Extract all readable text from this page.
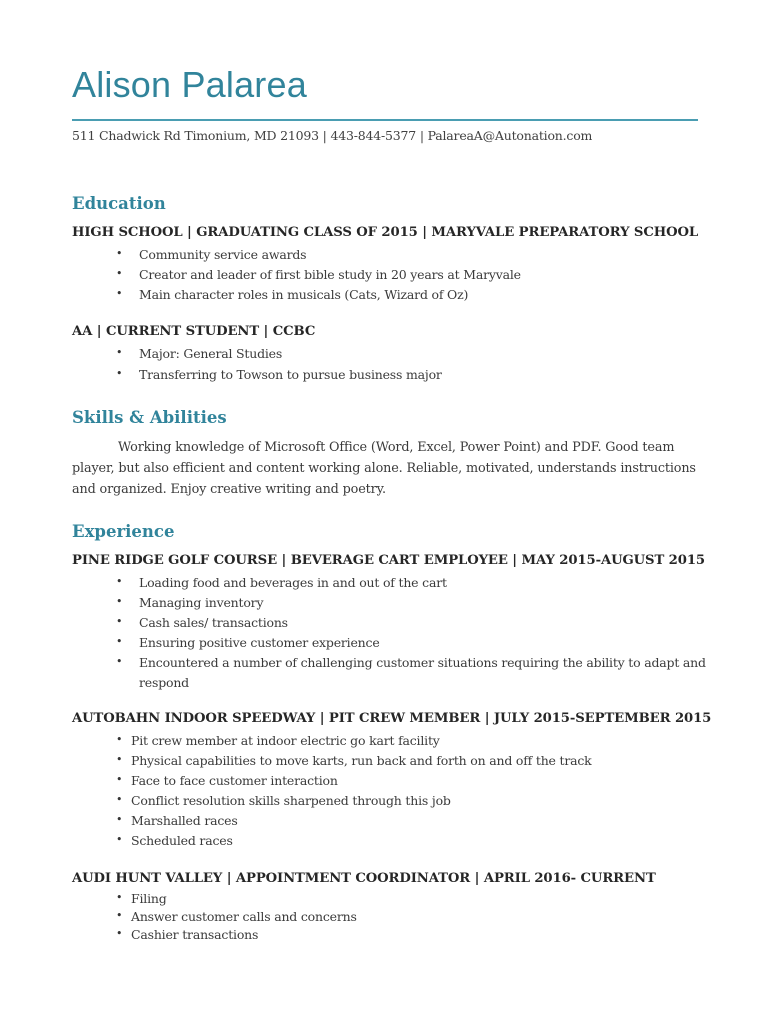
Alison Palarea
511 Chadwick Rd Timonium, MD 21093 | 443-844-5377 | PalareaA@Autonation.com
Education
HIGH SCHOOL | GRADUATING CLASS OF 2015 | MARYVALE PREPARATORY SCHOOL
• Community service awards
• Creator and leader of first bible study in 20 years at Maryvale
• Main character roles in musicals (Cats, Wizard of Oz)
AA | CURRENT STUDENT | CCBC
• Major: General Studies
• Transferring to Towson to pursue business major
Skills & Abilities

Working knowledge of Microsoft Office (Word, Excel, Power Point) and PDF. Good team player, but also efficient and content working alone. Reliable, motivated, understands instructions and organized. Enjoy creative writing and poetry.

Experience
PINE RIDGE GOLF COURSE | BEVERAGE CART EMPLOYEE | MAY 2015-AUGUST 2015
• Loading food and beverages in and out of the cart
• Managing inventory
• Cash sales/ transactions
• Ensuring positive customer experience
• Encountered a number of challenging customer situations requiring the ability to adapt and
respond
AUTOBAHN INDOOR SPEEDWAY | PIT CREW MEMBER | JULY 2015-SEPTEMBER 2015
• Pit crew member at indoor electric go kart facility
• Physical capabilities to move karts, run back and forth on and off the track
• Face to face customer interaction
• Conflict resolution skills sharpened through this job
• Marshalled races
• Scheduled races
AUDI HUNT VALLEY | APPOINTMENT COORDINATOR | APRIL 2016- CURRENT
• Filing
• Answer customer calls and concerns
• Cashier transactions
